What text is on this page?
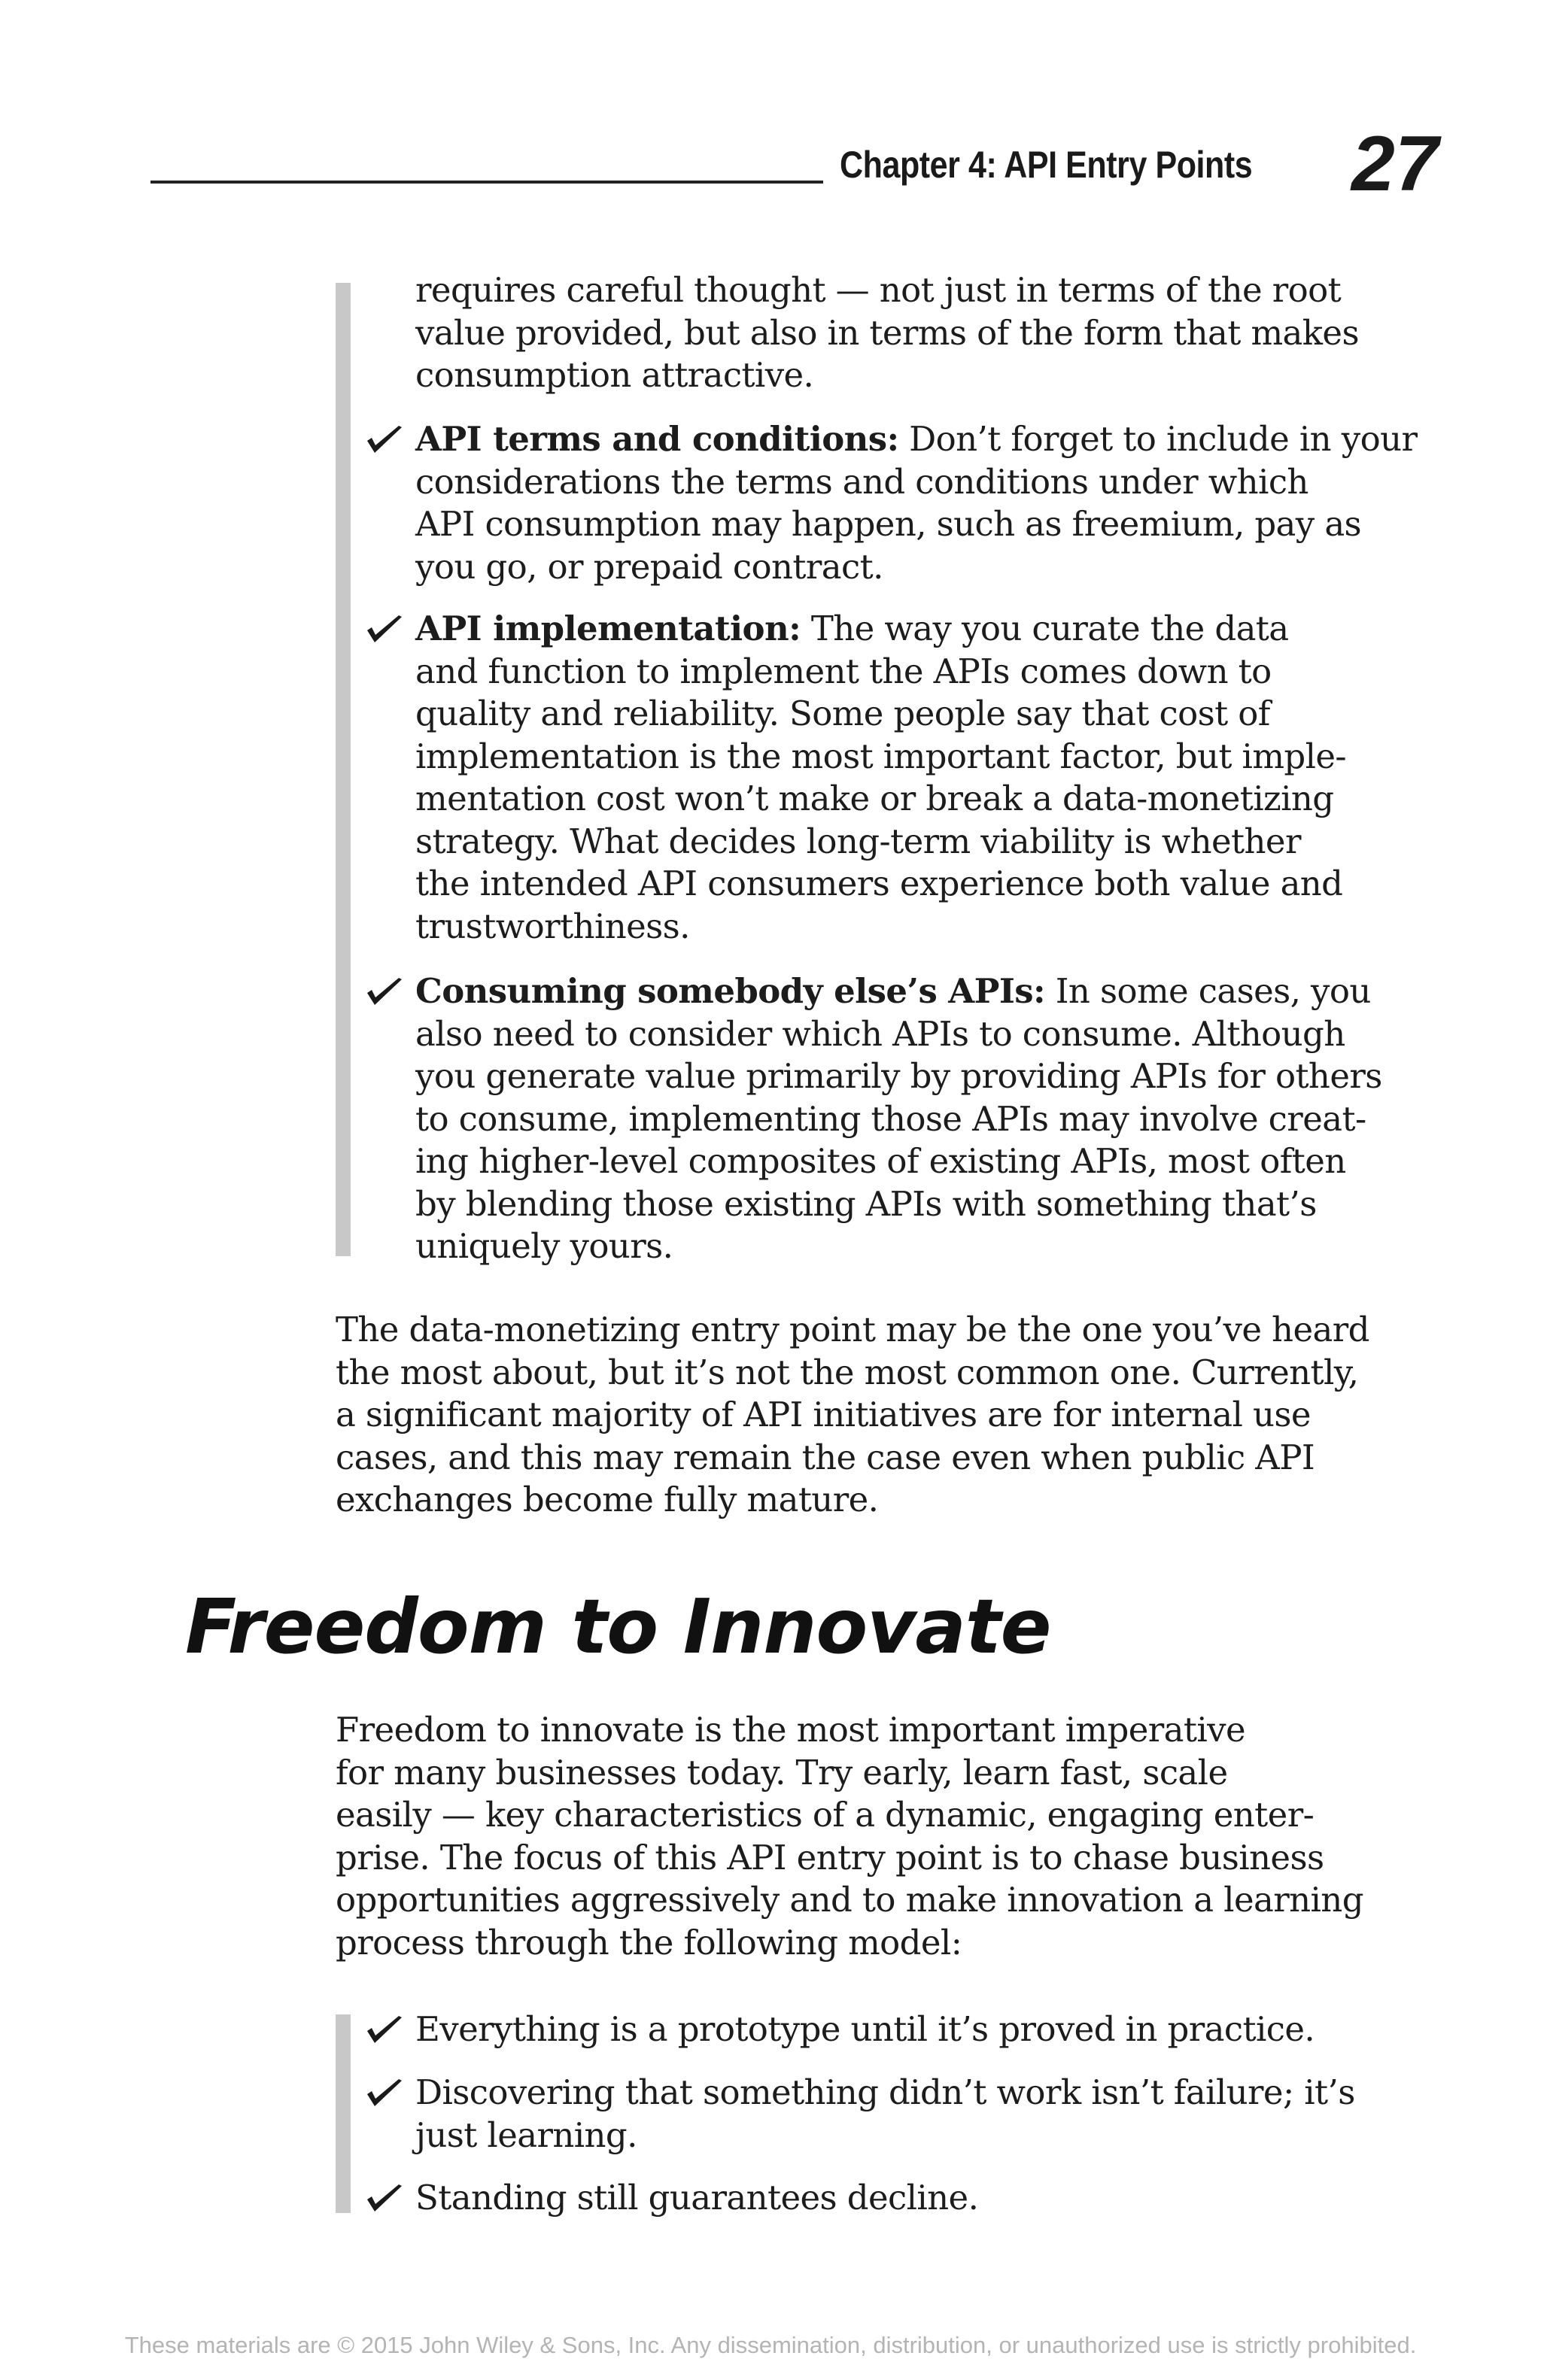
Chapter 4: API Entry Points 27
requires careful thought — not just in terms of the root
value provided, but also in terms of the form that makes
consumption attractive.
API terms and conditions: Don’t forget to include in your
considerations the terms and conditions under which
API consumption may happen, such as freemium, pay as
you go, or prepaid contract.
API implementation: The way you curate the data
and function to implement the APIs comes down to
quality and reliability. Some people say that cost of
implementation is the most important factor, but imple-
mentation cost won’t make or break a data-monetizing
strategy. What decides long-term viability is whether
the intended API consumers experience both value and
trustworthiness.
Consuming somebody else’s APIs: In some cases, you
also need to consider which APIs to consume. Although
you generate value primarily by providing APIs for others
to consume, implementing those APIs may involve creat-
ing higher-level composites of existing APIs, most often
by blending those existing APIs with something that’s
uniquely yours.
The data-monetizing entry point may be the one you’ve heard
the most about, but it’s not the most common one. Currently,
a significant majority of API initiatives are for internal use
cases, and this may remain the case even when public API
exchanges become fully mature.
Freedom to Innovate
Freedom to innovate is the most important imperative
for many businesses today. Try early, learn fast, scale
easily — key characteristics of a dynamic, engaging enter-
prise. The focus of this API entry point is to chase business
opportunities aggressively and to make innovation a learning
process through the following model:
Everything is a prototype until it’s proved in practice.
Discovering that something didn’t work isn’t failure; it’s
just learning.
Standing still guarantees decline.
These materials are © 2015 John Wiley & Sons, Inc. Any dissemination, distribution, or unauthorized use is strictly prohibited.
